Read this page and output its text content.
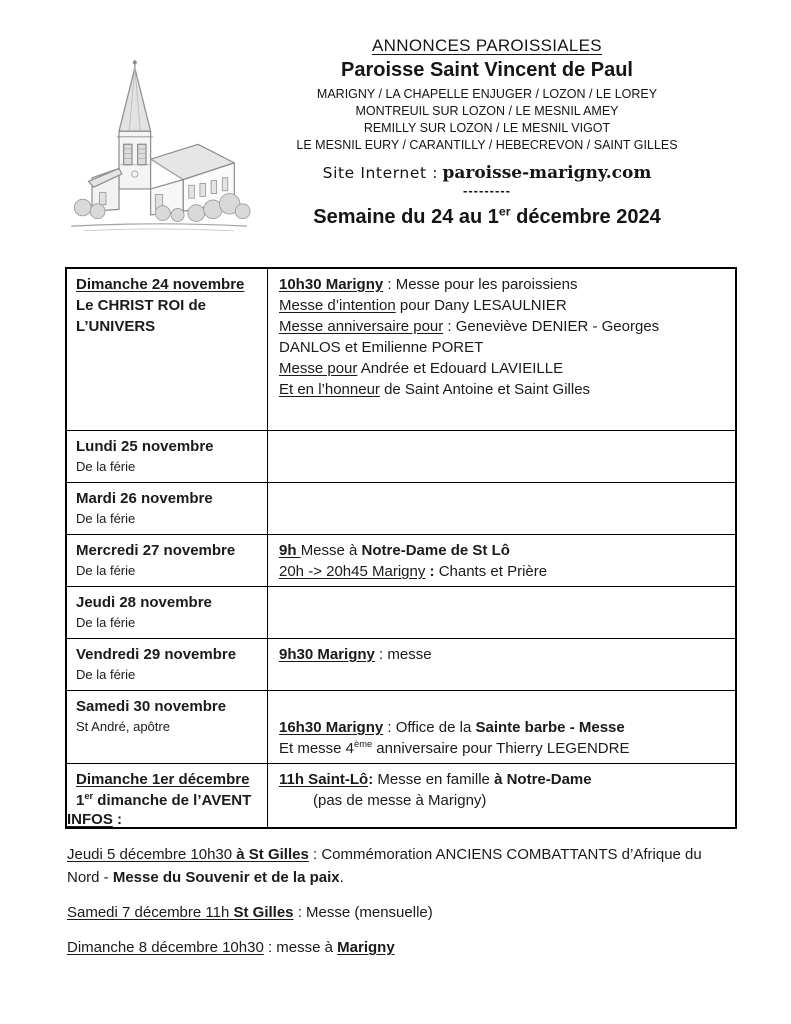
ANNONCES PAROISSIALES
Paroisse Saint Vincent de Paul
MARIGNY / LA CHAPELLE ENJUGER / LOZON / LE LOREY
MONTREUIL SUR LOZON / LE MESNIL AMEY
REMILLY SUR LOZON / LE MESNIL VIGOT
LE MESNIL EURY / CARANTILLY / HEBECREVON / SAINT GILLES
Site Internet : paroisse-marigny.com
---------
Semaine du 24 au 1er décembre 2024
Dimanche 24 novembre
Le CHRIST ROI de
L’UNIVERS
10h30 Marigny : Messe pour les paroissiens
Messe d’intention pour Dany LESAULNIER
Messe anniversaire pour : Geneviève DENIER - Georges DANLOS et Emilienne PORET
Messe pour Andrée et Edouard LAVIEILLE
Et en l’honneur de Saint Antoine et Saint Gilles
Lundi 25 novembre
De la férie
Mardi 26 novembre
De la férie
Mercredi 27 novembre
De la férie
9h Messe à Notre-Dame de St Lô
20h -> 20h45 Marigny : Chants et Prière
Jeudi 28 novembre
De la férie
Vendredi 29 novembre
De la férie
9h30 Marigny : messe
Samedi 30 novembre
St André, apôtre
	16h30 Marigny : Office de la Sainte barbe - Messe
Et messe 4ème anniversaire pour Thierry LEGENDRE
Dimanche 1er décembre
1er dimanche de l’AVENT
11h Saint-Lô: Messe en famille à Notre-Dame
(pas de messe à Marigny)
INFOS :
Jeudi 5 décembre 10h30 à St Gilles : Commémoration ANCIENS COMBATTANTS d’Afrique du Nord - Messe du Souvenir et de la paix.
Samedi 7 décembre 11h St Gilles : Messe (mensuelle)
Dimanche 8 décembre 10h30 : messe à Marigny
